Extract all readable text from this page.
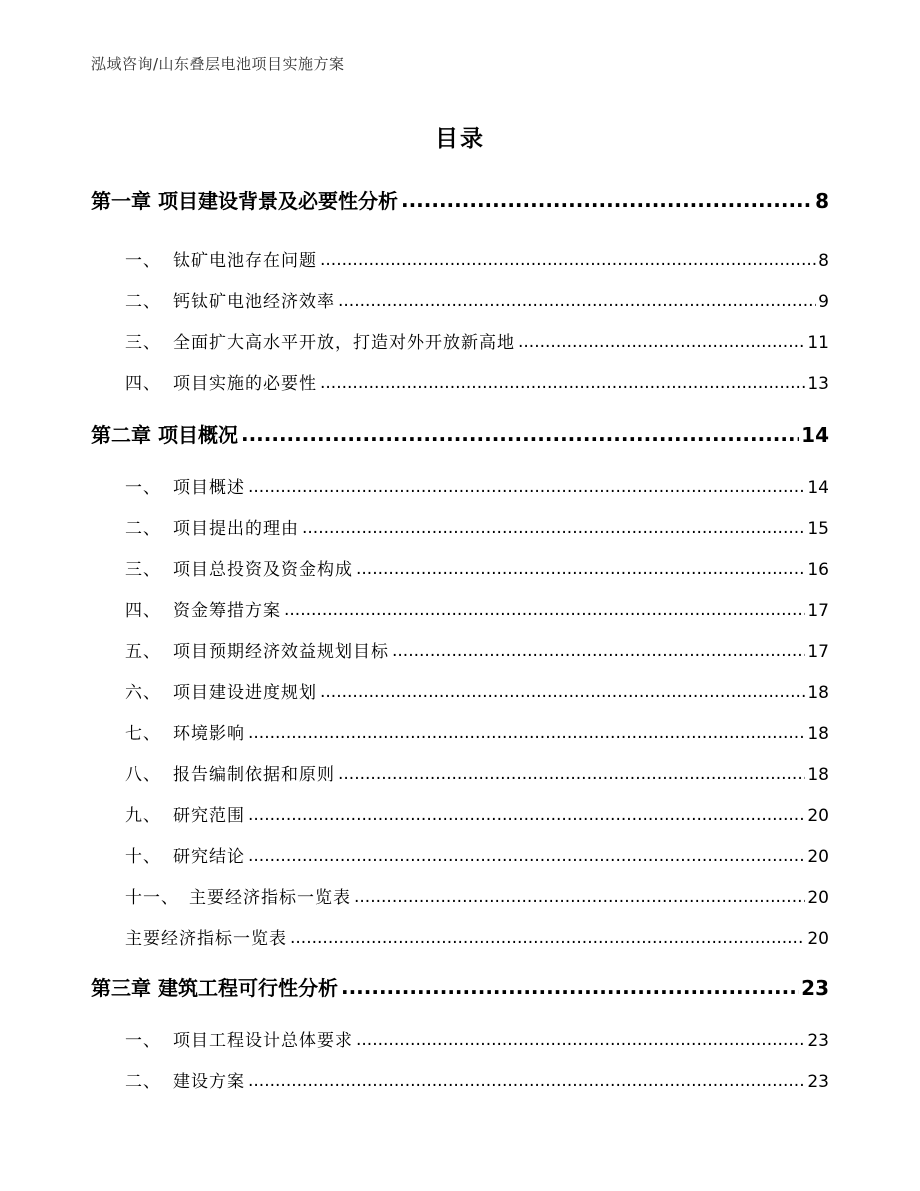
泓域咨询/山东叠层电池项目实施方案
目录
第一章 项目建设背景及必要性分析 .....	8
一、 钛矿电池存在问题 .....	8
二、 钙钛矿电池经济效率 .....	9
三、 全面扩大高水平开放，打造对外开放新高地 .....	11
四、 项目实施的必要性 .....	13
第二章 项目概况 .....	14
一、 项目概述 .....	14
二、 项目提出的理由 .....	15
三、 项目总投资及资金构成 .....	16
四、 资金筹措方案 .....	17
五、 项目预期经济效益规划目标 .....	17
六、 项目建设进度规划 .....	18
七、 环境影响 .....	18
八、 报告编制依据和原则 .....	18
九、 研究范围 .....	20
十、 研究结论 .....	20
十一、 主要经济指标一览表 .....	20
主要经济指标一览表 .....	20
第三章 建筑工程可行性分析 .....	23
一、 项目工程设计总体要求 .....	23
二、 建设方案 .....	23
